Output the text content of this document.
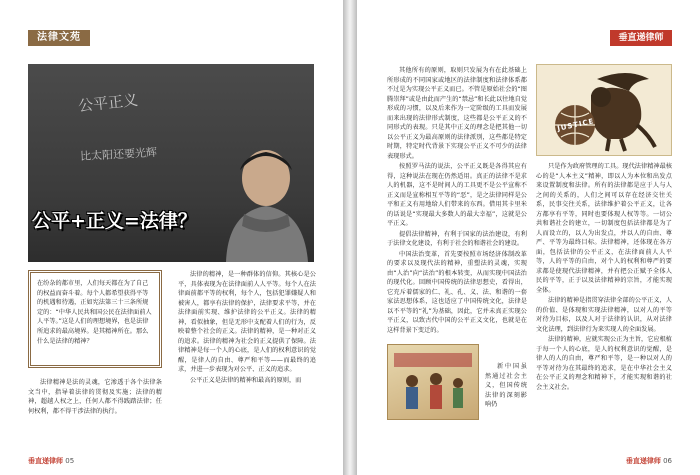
法律文苑
公平正义
比太阳还要光辉
公平+正义=法律？

在纷杂的都市里，人们每天都在为了自己的权益而奋斗着。每个人都希望获得平等的机遇和待遇，正如宪法第三十三条所规定的：“中华人民共和国公民在法律面前人人平等。”这是人们的理想境界，也是法律所追求的最高境界。是其精神所在。那么什么是法律的精神？

法律精神是法的灵魂，它渗透于各个法律条文当中，指导着法律的贯彻及实施；法律的精神，超越人权之上，任何人都不得践踏法律；任何权利，都不得干涉法律的执行。

法律的精神，是一种群体的信仰。其核心是公平，具体表现为在法律面前人人平等。每个人在法律面前都平等的权利，每个人，包括犯罪嫌疑人和被害人，都享有法律的保护，法律要求平等，并在法律面前实现、维护法律的公平正义。法律的精神，看似抽象，但是无形中支配着人们的行为，反映着整个社会的正义。法律的精神，是一种对正义的追求。法律的精神为社会的正义提供了保障。法律精神是每一个人的心底，是人们的权利意识的觉醒，是律人的自由、尊严和平等——而最终的追求，并进一步表现为对公平、正义的追求。

公平正义是法律的精神和最高的原则，而

垂直递律师 05
垂直递律师

其他所有的原则，取则只发展为有在此基础上所形成的不同国家或地区的法律制度和法律体系都不过是为实现公平正义而已。不管是原始社会的“图腾崇拜”或是由此而产生的“禁忌”和长此以往地自觉形成的习惯，以及后来作为一定阶级的工具而发展而来出现的法律形式制度，这些都是公平正义的不同形式的表现。只是其中正义的理念是把其他一切以公平正义为最高原则的法律派别，这些都是特定时期，特定时代背景下实现公平正义不可少的法律表现形式。

按照罗马法的说法，公平正义既是各得其应有得，这种说法在现在仍然适用。真正的法律不是求人的机器，这不是时间人的工具更不是公平宣称不正义而是宣称相互平等的“恶”，是之法律同样是公平和正义有用地给人们带来的东西。借用其卡里米的话说是“实现最大多数人的最大幸福”，这就是公平正义。

提倡法律精神，有利于国家的法治建设，有利于法律文化建设，有利于社会的和谐社会的建设。

中国法治变革，首先要按照市场经济体制改革的要求以及现代法的精神，重塑法的灵魂，实现由“人治”向“法治”的根本转变，从而实现中国法治的现代化。回顾中国传统的法律思想史，看得出，它充斥着儒家的仁、礼、孔、义、法、和谐的一套家法思想体系，这也适应了中国传统文化，法律是以不平等的“礼”为基础，因此，它并未真正实现公平正义，以致古代中国的公平正义文化，也就是在这样背景下变迁的。

新中国虽然通过社会主义，但国传统法律的深刻影响仍

JUSTICE

只是作为政府管理的工具。现代法律精神最核心的是“人本主义”精神，即以人为本位和出发点来设置制度和法律。所有的法律都是应于人与人之间的关系的，人们之间可以存在经济交往关系，民事交往关系，法律维护着公平正义，让各方都享有平等，同时也要体现人权等等。一切公共和谐社会的建立，一切制度包括法律都是为了人而设立的，以人为出发点，并以人的自由、尊严、平等为最终目标。法律精神，还体现在各方面，包括法律的公平正义，在法律面前人人平等，人的平等的自由，对个人的权利和尊严的要求都是使现代法律精神，并有把公正赋予全体人民的平等，正于以及法律精神的宗旨，才能实现全体。

法律的精神是指贯穿法律全部的公平正义，人的价值、是体现和实现法律精神，以对人的平等对待为目标，以及人对于法律的认识，从对法律文化法理，到法律行为来实现人的全面发展。

法律的精神，应就实现公正为主旨，它应根植于每一个人的心底，是人的权利意识的觉醒，是律人的人的自由，尊严和平等，是一种以对人的平等对待为在其最终的追求，是在中华社会主义在公平正义的理念和精神下，才能实现和谐的社会主义社会。

垂直递律师 06
